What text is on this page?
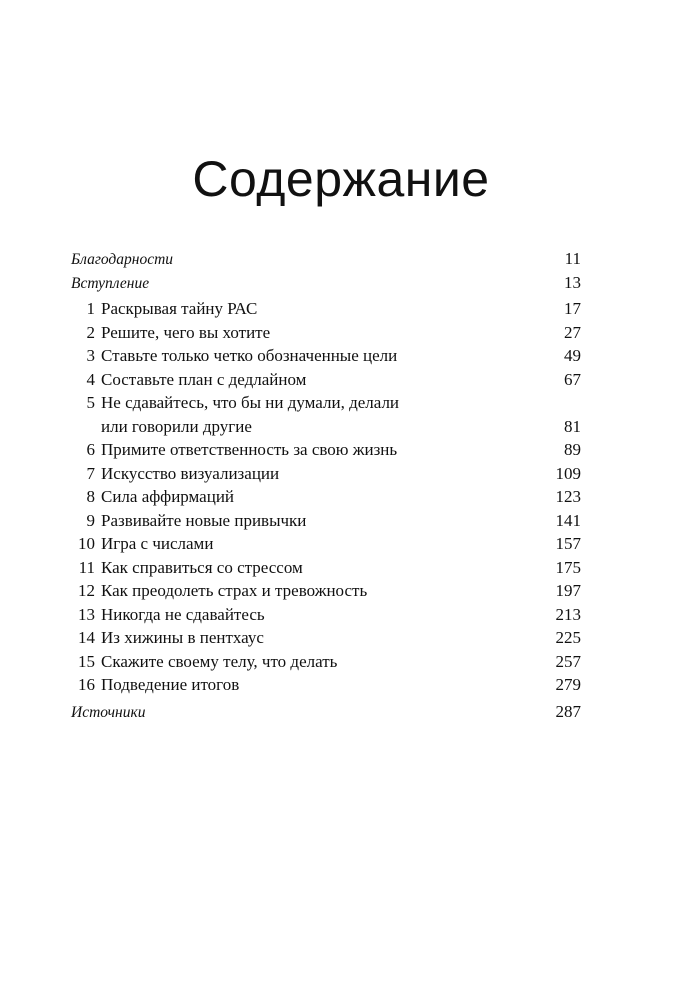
Содержание
Благодарности	11
Вступление	13
1 Раскрывая тайну РАС	17
2 Решите, чего вы хотите	27
3 Ставьте только четко обозначенные цели	49
4 Составьте план с дедлайном	67
5 Не сдавайтесь, что бы ни думали, делали
или говорили другие	81
6 Примите ответственность за свою жизнь	89
7 Искусство визуализации	109
8 Сила аффирмаций	123
9 Развивайте новые привычки	141
10 Игра с числами	157
11 Как справиться со стрессом	175
12 Как преодолеть страх и тревожность	197
13 Никогда не сдавайтесь	213
14 Из хижины в пентхаус	225
15 Скажите своему телу, что делать	257
16 Подведение итогов	279
Источники	287
